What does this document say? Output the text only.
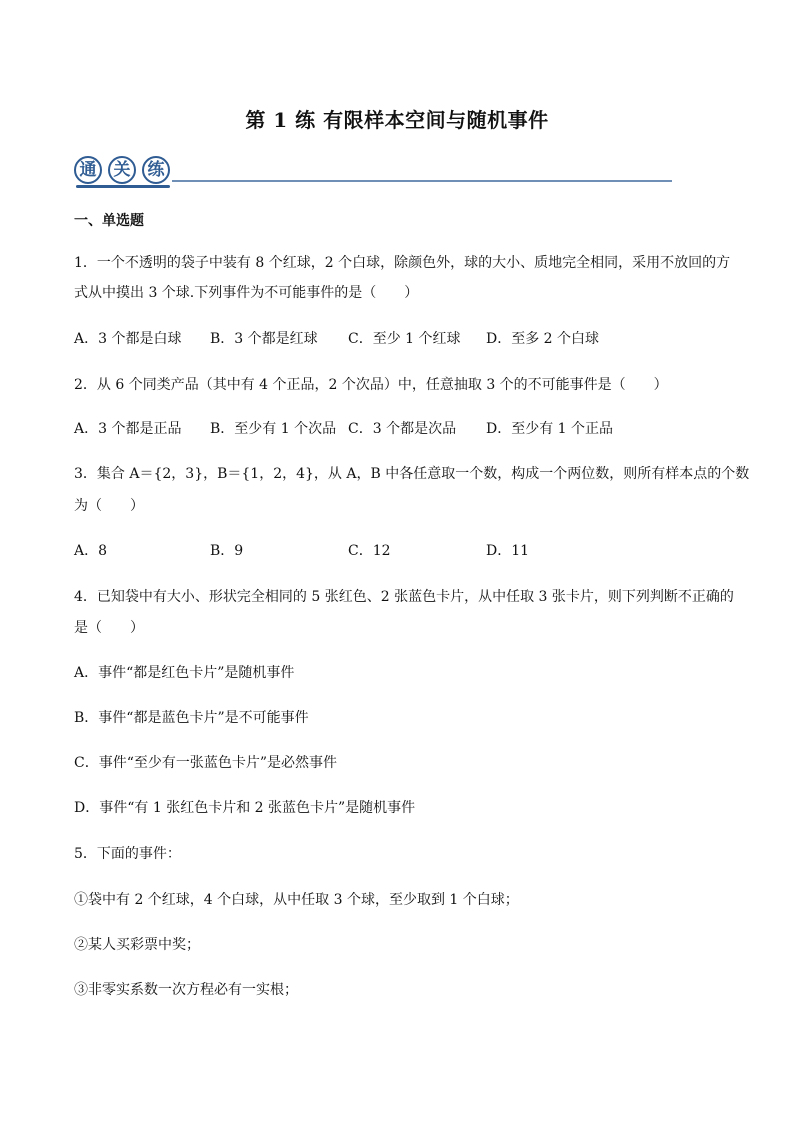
第 1 练 有限样本空间与随机事件
通	关	练
一、单选题
1．一个不透明的袋子中装有 8 个红球，2 个白球，除颜色外，球的大小、质地完全相同，采用不放回的方
式从中摸出 3 个球.下列事件为不可能事件的是（　　）
A．3 个都是白球 B．3 个都是红球 C．至少 1 个红球 D．至多 2 个白球
2．从 6 个同类产品（其中有 4 个正品，2 个次品）中，任意抽取 3 个的不可能事件是（　　）
A．3 个都是正品 B．至少有 1 个次品 C．3 个都是次品 D．至少有 1 个正品
3．集合 A＝{2，3}，B＝{1，2，4}，从 A，B 中各任意取一个数，构成一个两位数，则所有样本点的个数
为（　　）
A．8	B．9	C．12	D．11
4．已知袋中有大小、形状完全相同的 5 张红色、2 张蓝色卡片，从中任取 3 张卡片，则下列判断不正确的
是（　　）
A．事件“都是红色卡片”是随机事件
B．事件“都是蓝色卡片”是不可能事件
C．事件“至少有一张蓝色卡片”是必然事件
D．事件“有 1 张红色卡片和 2 张蓝色卡片”是随机事件
5．下面的事件：
①袋中有 2 个红球，4 个白球，从中任取 3 个球，至少取到 1 个白球；
②某人买彩票中奖；
③非零实系数一次方程必有一实根；
